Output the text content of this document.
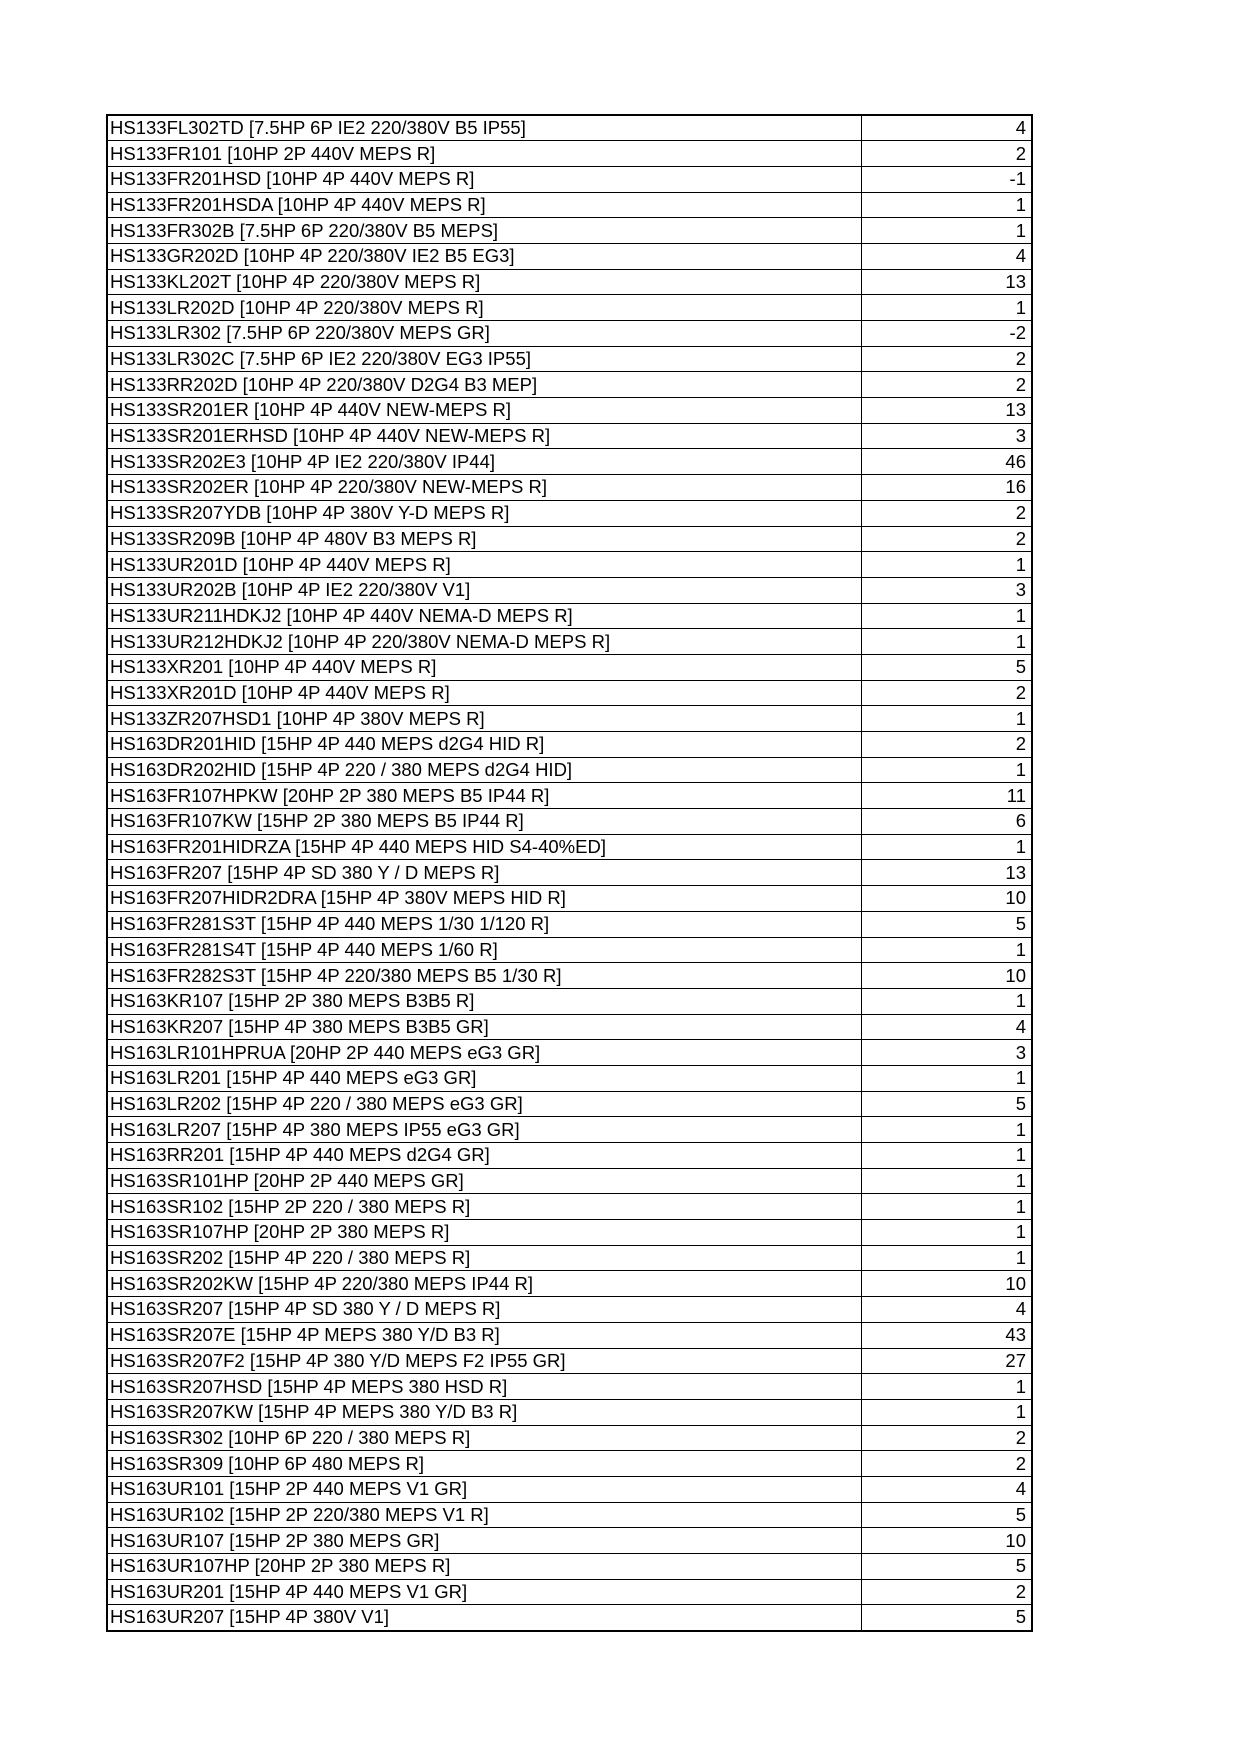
HS133FL302TD [7.5HP 6P IE2 220/380V B5 IP55]	4
HS133FR101 [10HP 2P 440V MEPS R]	2
HS133FR201HSD [10HP 4P 440V MEPS R]	-1
HS133FR201HSDA [10HP 4P 440V MEPS R]	1
HS133FR302B [7.5HP 6P 220/380V B5 MEPS]	1
HS133GR202D [10HP 4P 220/380V IE2 B5 EG3]	4
HS133KL202T [10HP 4P 220/380V MEPS R]	13
HS133LR202D [10HP 4P 220/380V MEPS R]	1
HS133LR302 [7.5HP 6P 220/380V MEPS GR]	-2
HS133LR302C [7.5HP 6P IE2 220/380V EG3 IP55]	2
HS133RR202D [10HP 4P 220/380V D2G4 B3 MEP]	2
HS133SR201ER [10HP 4P 440V NEW-MEPS R]	13
HS133SR201ERHSD [10HP 4P 440V NEW-MEPS R]	3
HS133SR202E3 [10HP 4P IE2 220/380V IP44]	46
HS133SR202ER [10HP 4P 220/380V NEW-MEPS R]	16
HS133SR207YDB [10HP 4P 380V Y-D MEPS R]	2
HS133SR209B [10HP 4P 480V B3 MEPS R]	2
HS133UR201D [10HP 4P 440V MEPS R]	1
HS133UR202B [10HP 4P IE2 220/380V V1]	3
HS133UR211HDKJ2 [10HP 4P 440V NEMA-D MEPS R]	1
HS133UR212HDKJ2 [10HP 4P 220/380V NEMA-D MEPS R]	1
HS133XR201 [10HP 4P 440V MEPS R]	5
HS133XR201D [10HP 4P 440V MEPS R]	2
HS133ZR207HSD1 [10HP 4P 380V MEPS R]	1
HS163DR201HID [15HP 4P 440 MEPS d2G4 HID R]	2
HS163DR202HID [15HP 4P 220 / 380 MEPS d2G4 HID]	1
HS163FR107HPKW [20HP 2P 380 MEPS B5 IP44 R]	11
HS163FR107KW [15HP 2P 380 MEPS B5 IP44 R]	6
HS163FR201HIDRZA [15HP 4P 440 MEPS HID S4-40%ED]	1
HS163FR207 [15HP 4P SD 380 Y / D MEPS R]	13
HS163FR207HIDR2DRA [15HP 4P 380V MEPS HID R]	10
HS163FR281S3T [15HP 4P 440 MEPS 1/30 1/120 R]	5
HS163FR281S4T [15HP 4P 440 MEPS 1/60 R]	1
HS163FR282S3T [15HP 4P 220/380 MEPS B5 1/30 R]	10
HS163KR107 [15HP 2P 380 MEPS B3B5 R]	1
HS163KR207 [15HP 4P 380 MEPS B3B5 GR]	4
HS163LR101HPRUA [20HP 2P 440 MEPS eG3 GR]	3
HS163LR201 [15HP 4P 440 MEPS eG3 GR]	1
HS163LR202 [15HP 4P 220 / 380 MEPS eG3 GR]	5
HS163LR207 [15HP 4P 380 MEPS IP55 eG3 GR]	1
HS163RR201 [15HP 4P 440 MEPS d2G4 GR]	1
HS163SR101HP [20HP 2P 440 MEPS GR]	1
HS163SR102 [15HP 2P 220 / 380 MEPS R]	1
HS163SR107HP [20HP 2P 380 MEPS R]	1
HS163SR202 [15HP 4P 220 / 380 MEPS R]	1
HS163SR202KW [15HP 4P 220/380 MEPS IP44 R]	10
HS163SR207 [15HP 4P SD 380 Y / D MEPS R]	4
HS163SR207E [15HP 4P MEPS 380 Y/D B3 R]	43
HS163SR207F2 [15HP 4P 380 Y/D MEPS F2 IP55 GR]	27
HS163SR207HSD [15HP 4P MEPS 380 HSD R]	1
HS163SR207KW [15HP 4P MEPS 380 Y/D B3 R]	1
HS163SR302 [10HP 6P 220 / 380 MEPS R]	2
HS163SR309 [10HP 6P 480 MEPS R]	2
HS163UR101 [15HP 2P 440 MEPS V1 GR]	4
HS163UR102 [15HP 2P 220/380 MEPS V1 R]	5
HS163UR107 [15HP 2P 380 MEPS GR]	10
HS163UR107HP [20HP 2P 380 MEPS R]	5
HS163UR201 [15HP 4P 440 MEPS V1 GR]	2
HS163UR207 [15HP 4P 380V V1]	5
